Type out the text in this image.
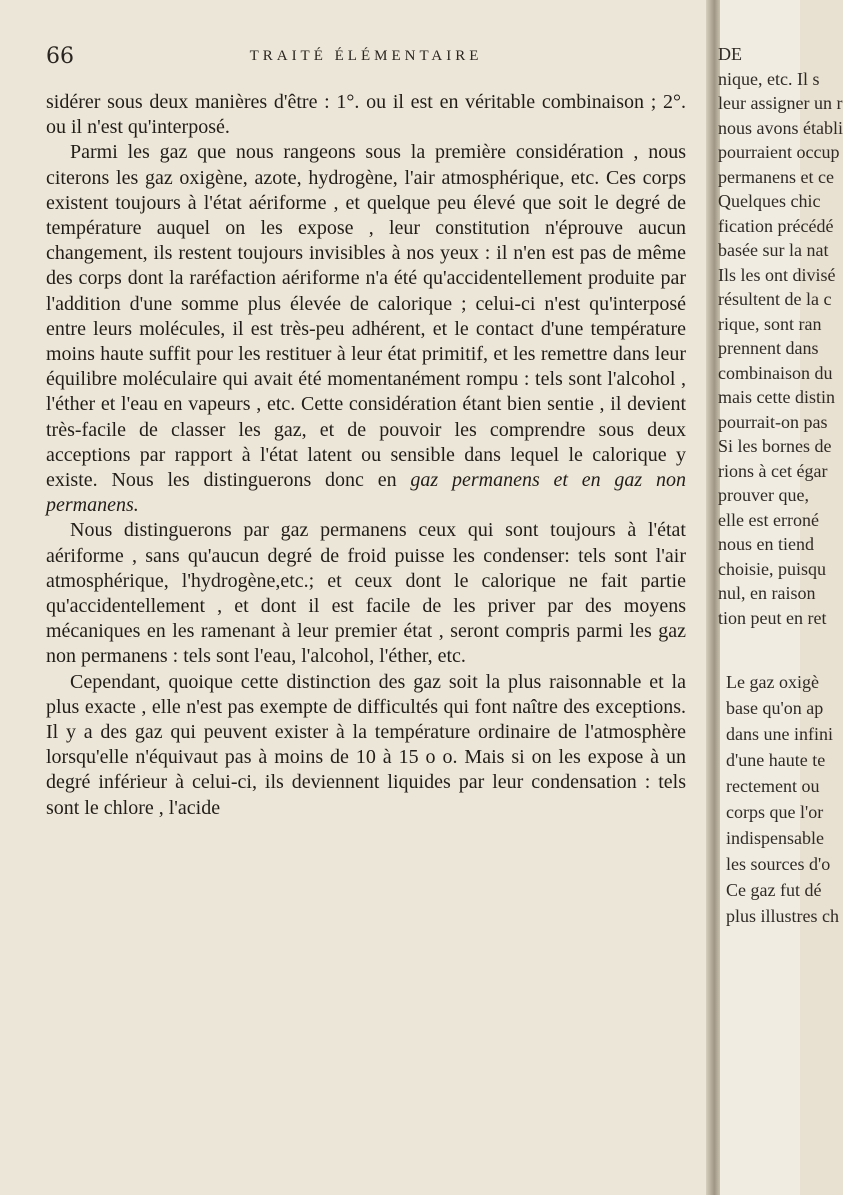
66	TRAITÉ ÉLÉMENTAIRE

sidérer sous deux manières d'être : 1°. ou il est en véritable combinaison ; 2°. ou il n'est qu'interposé.

Parmi les gaz que nous rangeons sous la première considération , nous citerons les gaz oxigène, azote, hydrogène, l'air atmosphérique, etc. Ces corps existent toujours à l'état aériforme , et quelque peu élevé que soit le degré de température auquel on les expose , leur constitution n'éprouve aucun changement, ils restent toujours invisibles à nos yeux : il n'en est pas de même des corps dont la raréfaction aériforme n'a été qu'accidentellement produite par l'addition d'une somme plus élevée de calorique ; celui-ci n'est qu'interposé entre leurs molécules, il est très-peu adhérent, et le contact d'une température moins haute suffit pour les restituer à leur état primitif, et les remettre dans leur équilibre moléculaire qui avait été momentanément rompu : tels sont l'alcohol , l'éther et l'eau en vapeurs , etc. Cette considération étant bien sentie , il devient très-facile de classer les gaz, et de pouvoir les comprendre sous deux acceptions par rapport à l'état latent ou sensible dans lequel le calorique y existe. Nous les distinguerons donc en gaz permanens et en gaz non permanens.

Nous distinguerons par gaz permanens ceux qui sont toujours à l'état aériforme , sans qu'aucun degré de froid puisse les condenser: tels sont l'air atmosphérique, l'hydrogène,etc.; et ceux dont le calorique ne fait partie qu'accidentellement , et dont il est facile de les priver par des moyens mécaniques en les ramenant à leur premier état , seront compris parmi les gaz non permanens : tels sont l'eau, l'alcohol, l'éther, etc.

Cependant, quoique cette distinction des gaz soit la plus raisonnable et la plus exacte , elle n'est pas exempte de difficultés qui font naître des exceptions. Il y a des gaz qui peuvent exister à la température ordinaire de l'atmosphère lorsqu'elle n'équivaut pas à moins de 10 à 15 o o. Mais si on les expose à un degré inférieur à celui-ci, ils deviennent liquides par leur condensation : tels sont le chlore , l'acide

DE
nique, etc. Il s
leur assigner un r
nous avons établi
pourraient occup
permanens et ce
Quelques chic
fication précédé
basée sur la nat
Ils les ont divisé
résultent de la c
rique, sont ran
prennent dans
combinaison du
mais cette distin
pourrait-on pas
Si les bornes de
rions à cet égar
prouver que,
elle est erroné
nous en tiend
choisie, puisqu
nul, en raison
tion peut en ret
Le gaz oxigè
base qu'on ap
dans une infini
d'une haute te
rectement ou
corps que l'or
indispensable
les sources d'o
Ce gaz fut dé
plus illustres ch
